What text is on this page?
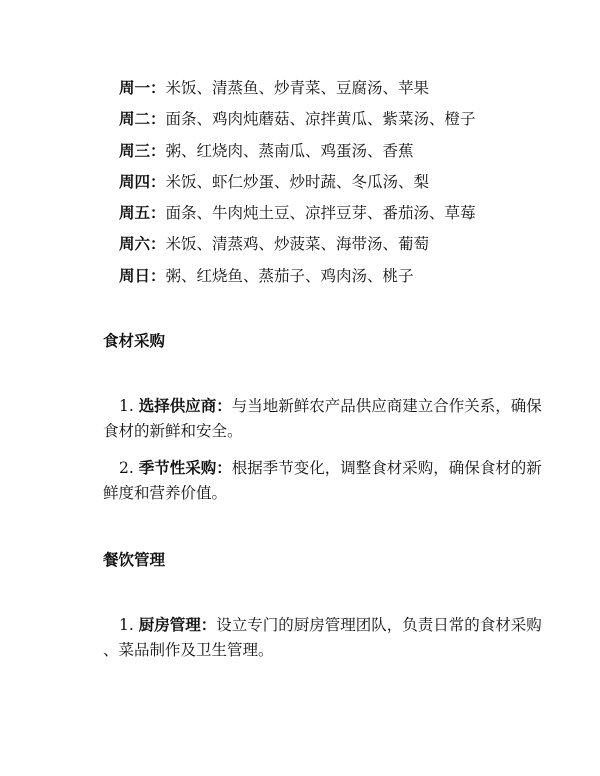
周一：米饭、清蒸鱼、炒青菜、豆腐汤、苹果
周二：面条、鸡肉炖蘑菇、凉拌黄瓜、紫菜汤、橙子
周三：粥、红烧肉、蒸南瓜、鸡蛋汤、香蕉
周四：米饭、虾仁炒蛋、炒时蔬、冬瓜汤、梨
周五：面条、牛肉炖土豆、凉拌豆芽、番茄汤、草莓
周六：米饭、清蒸鸡、炒菠菜、海带汤、葡萄
周日：粥、红烧鱼、蒸茄子、鸡肉汤、桃子
食材采购

1. 选择供应商：与当地新鲜农产品供应商建立合作关系，确保
食材的新鲜和安全。

2. 季节性采购：根据季节变化，调整食材采购，确保食材的新
鲜度和营养价值。

餐饮管理

1. 厨房管理：设立专门的厨房管理团队，负责日常的食材采购
、菜品制作及卫生管理。
